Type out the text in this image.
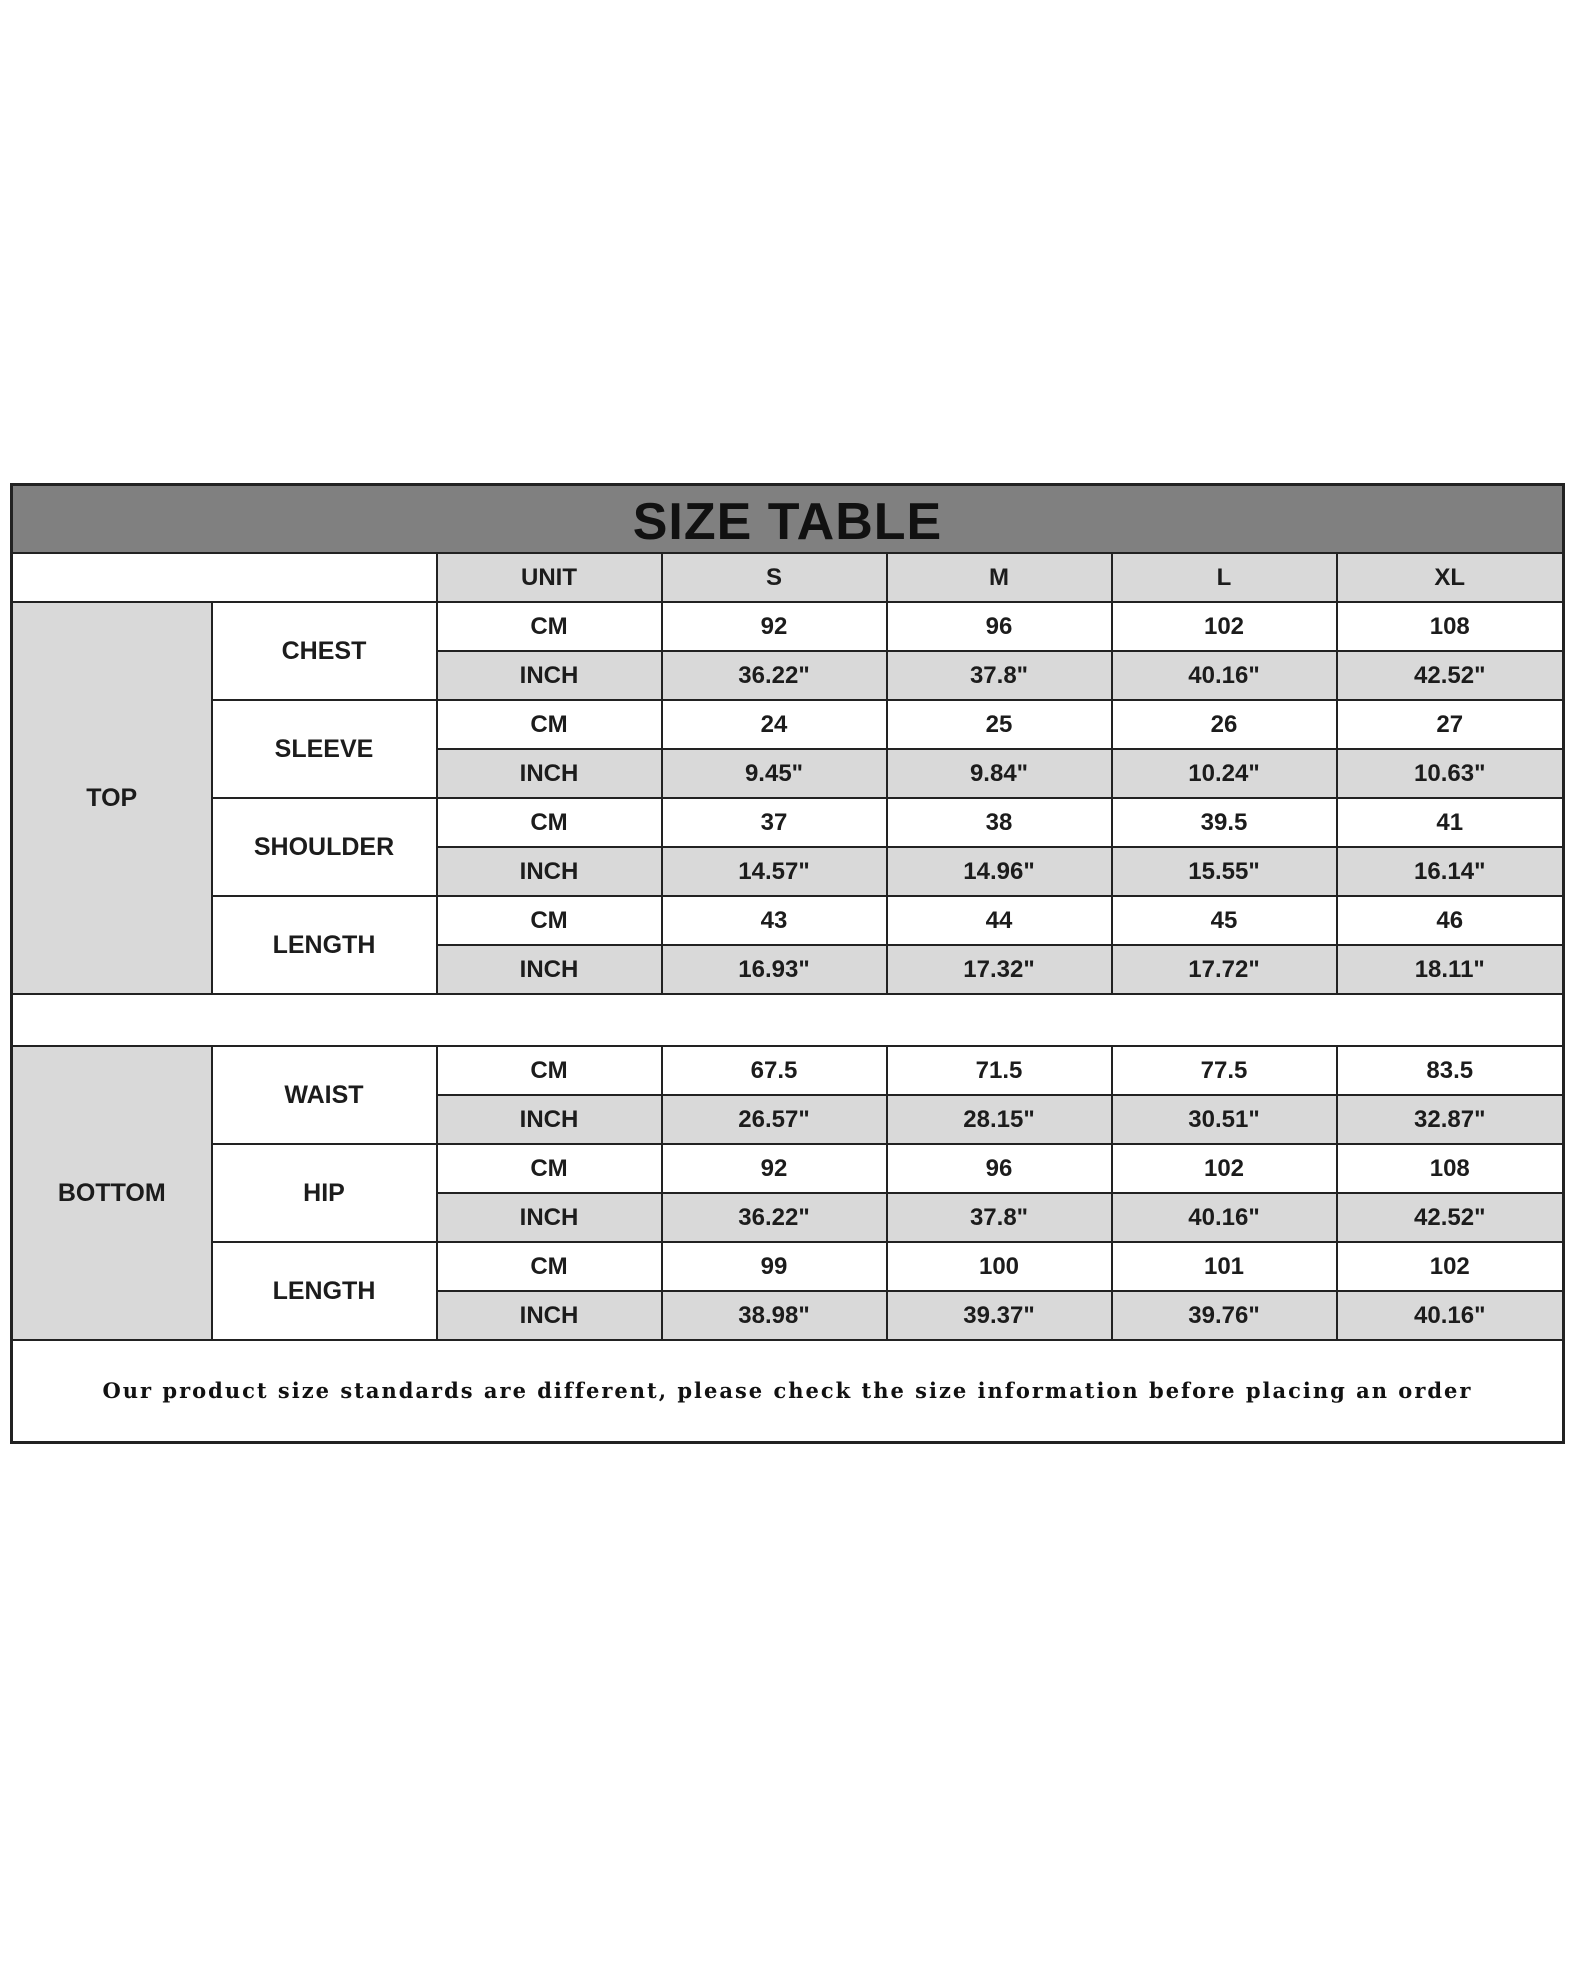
SIZE TABLE						
		UNIT	S	M	L	XL
TOP	CHEST	CM	92	96	102	108
		INCH	36.22"	37.8"	40.16"	42.52"
	SLEEVE	CM	24	25	26	27
		INCH	9.45"	9.84"	10.24"	10.63"
	SHOULDER	CM	37	38	39.5	41
		INCH	14.57"	14.96"	15.55"	16.14"
	LENGTH	CM	43	44	45	46
		INCH	16.93"	17.32"	17.72"	18.11"

BOTTOM	WAIST	CM	67.5	71.5	77.5	83.5
		INCH	26.57"	28.15"	30.51"	32.87"
	HIP	CM	92	96	102	108
		INCH	36.22"	37.8"	40.16"	42.52"
	LENGTH	CM	99	100	101	102
		INCH	38.98"	39.37"	39.76"	40.16"
Our product size standards are different, please check the size information before placing an order						
